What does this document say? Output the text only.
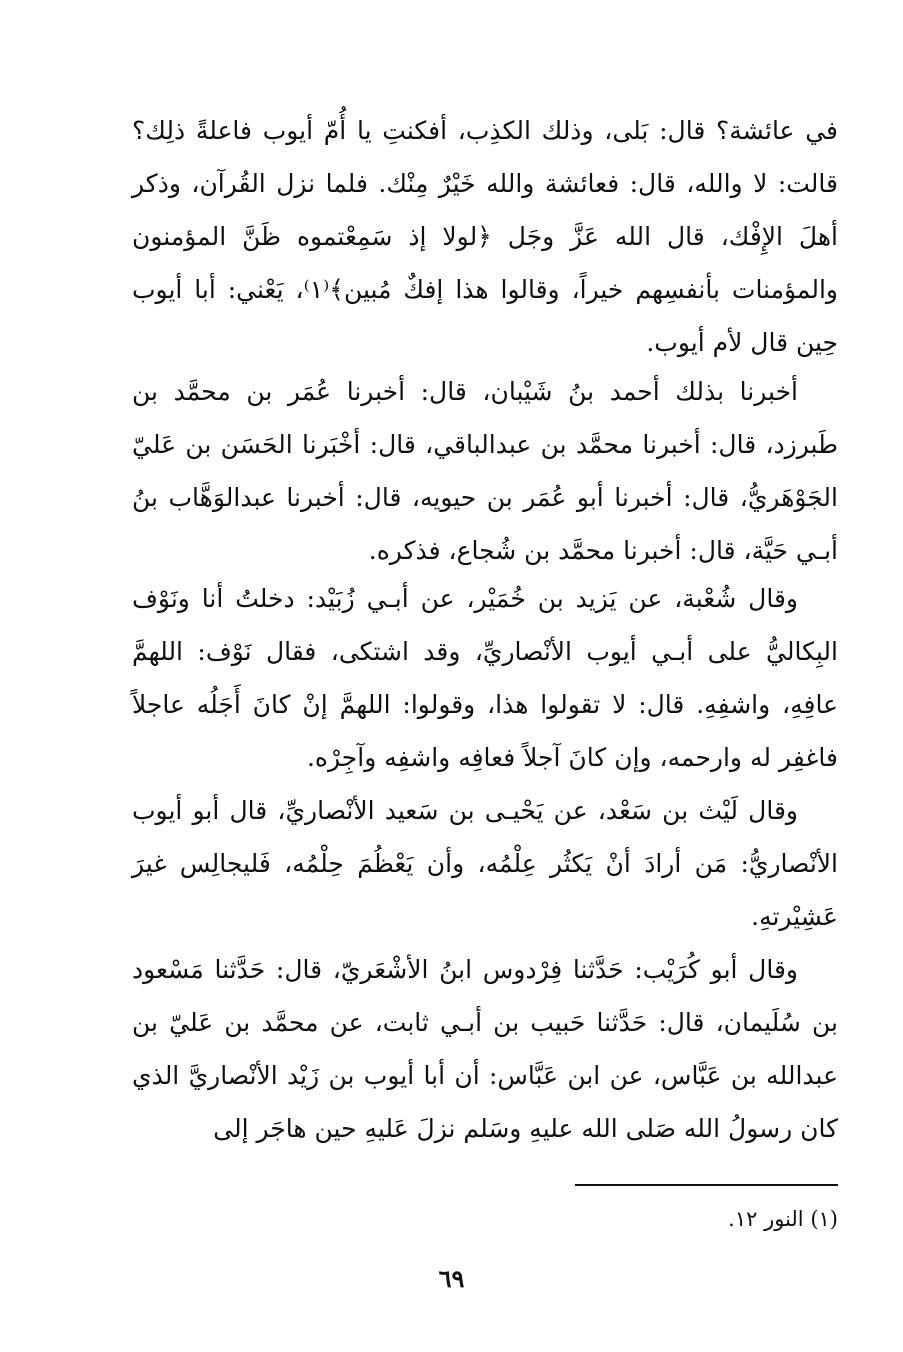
في عائشة؟ قال: بَلى، وذلك الكذِب، أفكنتِ يا أُمّ أيوب فاعلةً ذلِك؟ قالت: لا والله، قال: فعائشة والله خَيْرٌ مِنْك. فلما نزل القُرآن، وذكر أهلَ الإِفْك، قال الله عَزَّ وجَل ﴿لولا إذ سَمِعْتموه ظَنَّ المؤمنون والمؤمنات بأنفسِهم خيراً، وقالوا هذا إفكٌ مُبين﴾⁽١⁾، يَعْني: أبا أيوب حِين قال لأم أيوب.

أخبرنا بذلك أحمد بنُ شَيْبان، قال: أخبرنا عُمَر بن محمَّد بن طَبرزد، قال: أخبرنا محمَّد بن عبدالباقي، قال: أخْبَرنا الحَسَن بن عَليّ الجَوْهَريُّ، قال: أخبرنا أبو عُمَر بن حيويه، قال: أخبرنا عبدالوَهَّاب بنُ أبـي حَيَّة، قال: أخبرنا محمَّد بن شُجاع، فذكره.

وقال شُعْبة، عن يَزيد بن خُمَيْر، عن أبـي زُبَيْد: دخلتُ أنا ونَوْف البِكاليُّ على أبـي أيوب الأنْصاريِّ، وقد اشتكى، فقال نَوْف: اللهمَّ عافِهِ، واشفِهِ. قال: لا تقولوا هذا، وقولوا: اللهمَّ إنْ كانَ أَجَلُه عاجلاً فاغفِر له وارحمه، وإن كانَ آجلاً فعافِه واشفِه وآجِرْه.

وقال لَيْث بن سَعْد، عن يَحْيـى بن سَعيد الأنْصاريِّ، قال أبو أيوب الأنْصاريُّ: مَن أرادَ أنْ يَكثُر عِلْمُه، وأن يَعْظُمَ حِلْمُه، فَليجالِس غيرَ عَشِيْرتهِ.

وقال أبو كُرَيْب: حَدَّثنا فِرْدوس ابنُ الأشْعَريّ، قال: حَدَّثنا مَسْعود بن سُلَيمان، قال: حَدَّثنا حَبيب بن أبـي ثابت، عن محمَّد بن عَليّ بن عبدالله بن عَبَّاس، عن ابن عَبَّاس: أن أبا أيوب بن زَيْد الأنْصاريَّ الذي كان رسولُ الله صَلى الله عليهِ وسَلم نزلَ عَليهِ حين هاجَر إلى

(١) النور ١٢.
٦٩
